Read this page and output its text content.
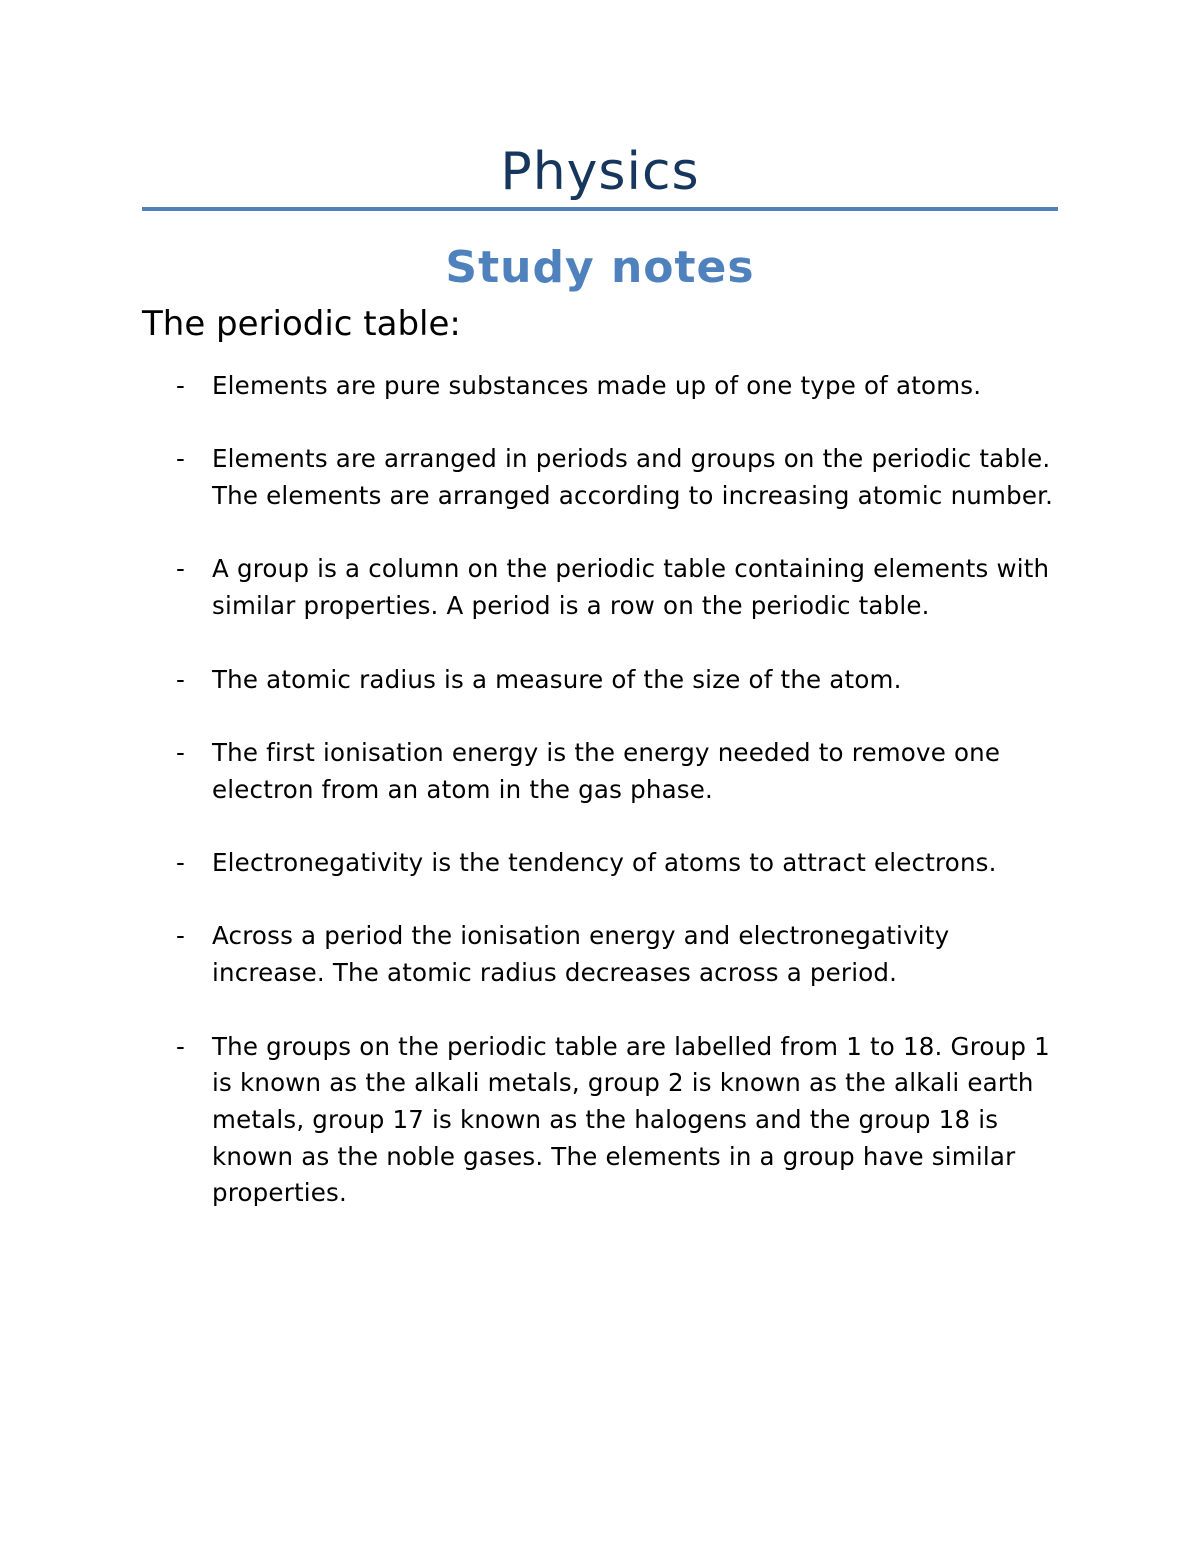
Physics
Study notes
The periodic table:
- Elements are pure substances made up of one type of atoms.
- Elements are arranged in periods and groups on the periodic table. The elements are arranged according to increasing atomic number.
- A group is a column on the periodic table containing elements with similar properties. A period is a row on the periodic table.
- The atomic radius is a measure of the size of the atom.
- The first ionisation energy is the energy needed to remove one electron from an atom in the gas phase.
- Electronegativity is the tendency of atoms to attract electrons.
- Across a period the ionisation energy and electronegativity increase. The atomic radius decreases across a period.
- The groups on the periodic table are labelled from 1 to 18. Group 1 is known as the alkali metals, group 2 is known as the alkali earth metals, group 17 is known as the halogens and the group 18 is known as the noble gases. The elements in a group have similar properties.
